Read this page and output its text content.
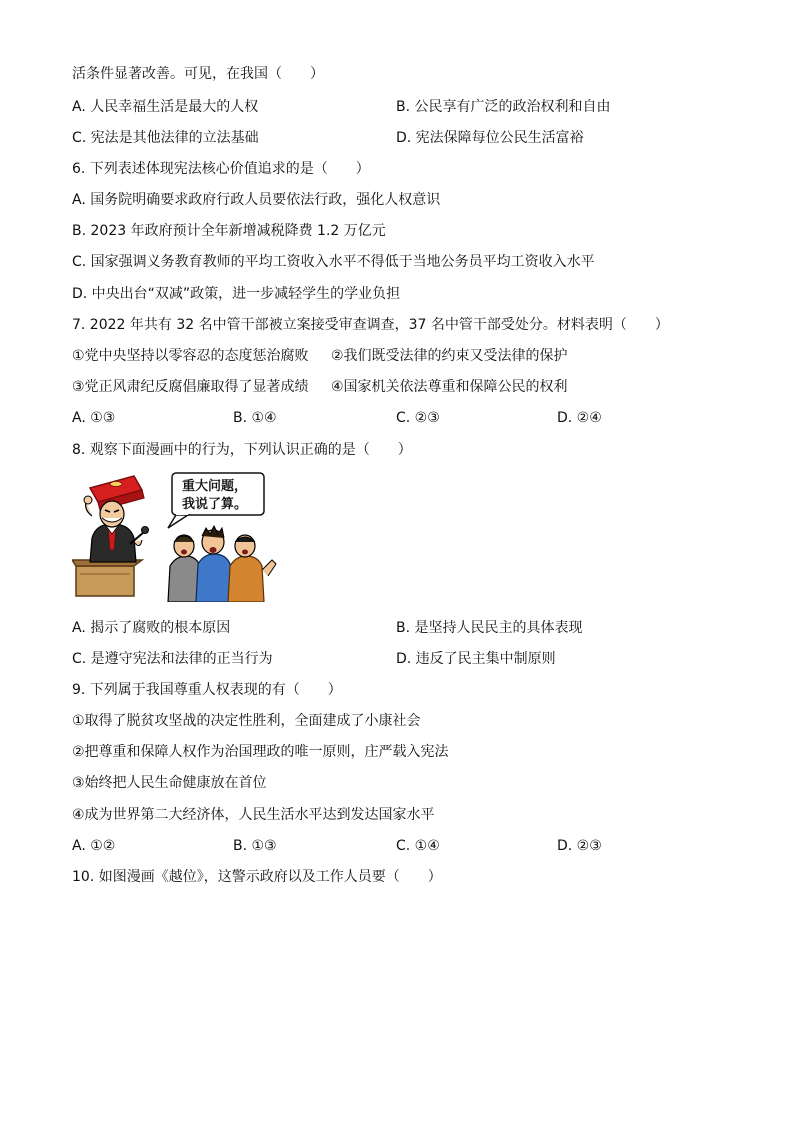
活条件显著改善。可见，在我国（　　）
A. 人民幸福生活是最大的人权	B. 公民享有广泛的政治权利和自由
C. 宪法是其他法律的立法基础	D. 宪法保障每位公民生活富裕
6. 下列表述体现宪法核心价值追求的是（　　）
A. 国务院明确要求政府行政人员要依法行政，强化人权意识
B. 2023 年政府预计全年新增减税降费 1.2 万亿元
C. 国家强调义务教育教师的平均工资收入水平不得低于当地公务员平均工资收入水平
D. 中央出台“双减”政策，进一步减轻学生的学业负担
7. 2022 年共有 32 名中管干部被立案接受审查调查，37 名中管干部受处分。材料表明（　　）
①党中央坚持以零容忍的态度惩治腐败 ②我们既受法律的约束又受法律的保护
③党正风肃纪反腐倡廉取得了显著成绩 ④国家机关依法尊重和保障公民的权利
A. ①③	B. ①④	C. ②③	D. ②④
8. 观察下面漫画中的行为，下列认识正确的是（　　）
重大问题，
我说了算。
A. 揭示了腐败的根本原因	B. 是坚持人民民主的具体表现
C. 是遵守宪法和法律的正当行为	D. 违反了民主集中制原则
9. 下列属于我国尊重人权表现的有（　　）
①取得了脱贫攻坚战的决定性胜利，全面建成了小康社会
②把尊重和保障人权作为治国理政的唯一原则，庄严载入宪法
③始终把人民生命健康放在首位
④成为世界第二大经济体，人民生活水平达到发达国家水平
A. ①②	B. ①③	C. ①④	D. ②③
10. 如图漫画《越位》，这警示政府以及工作人员要（　　）
